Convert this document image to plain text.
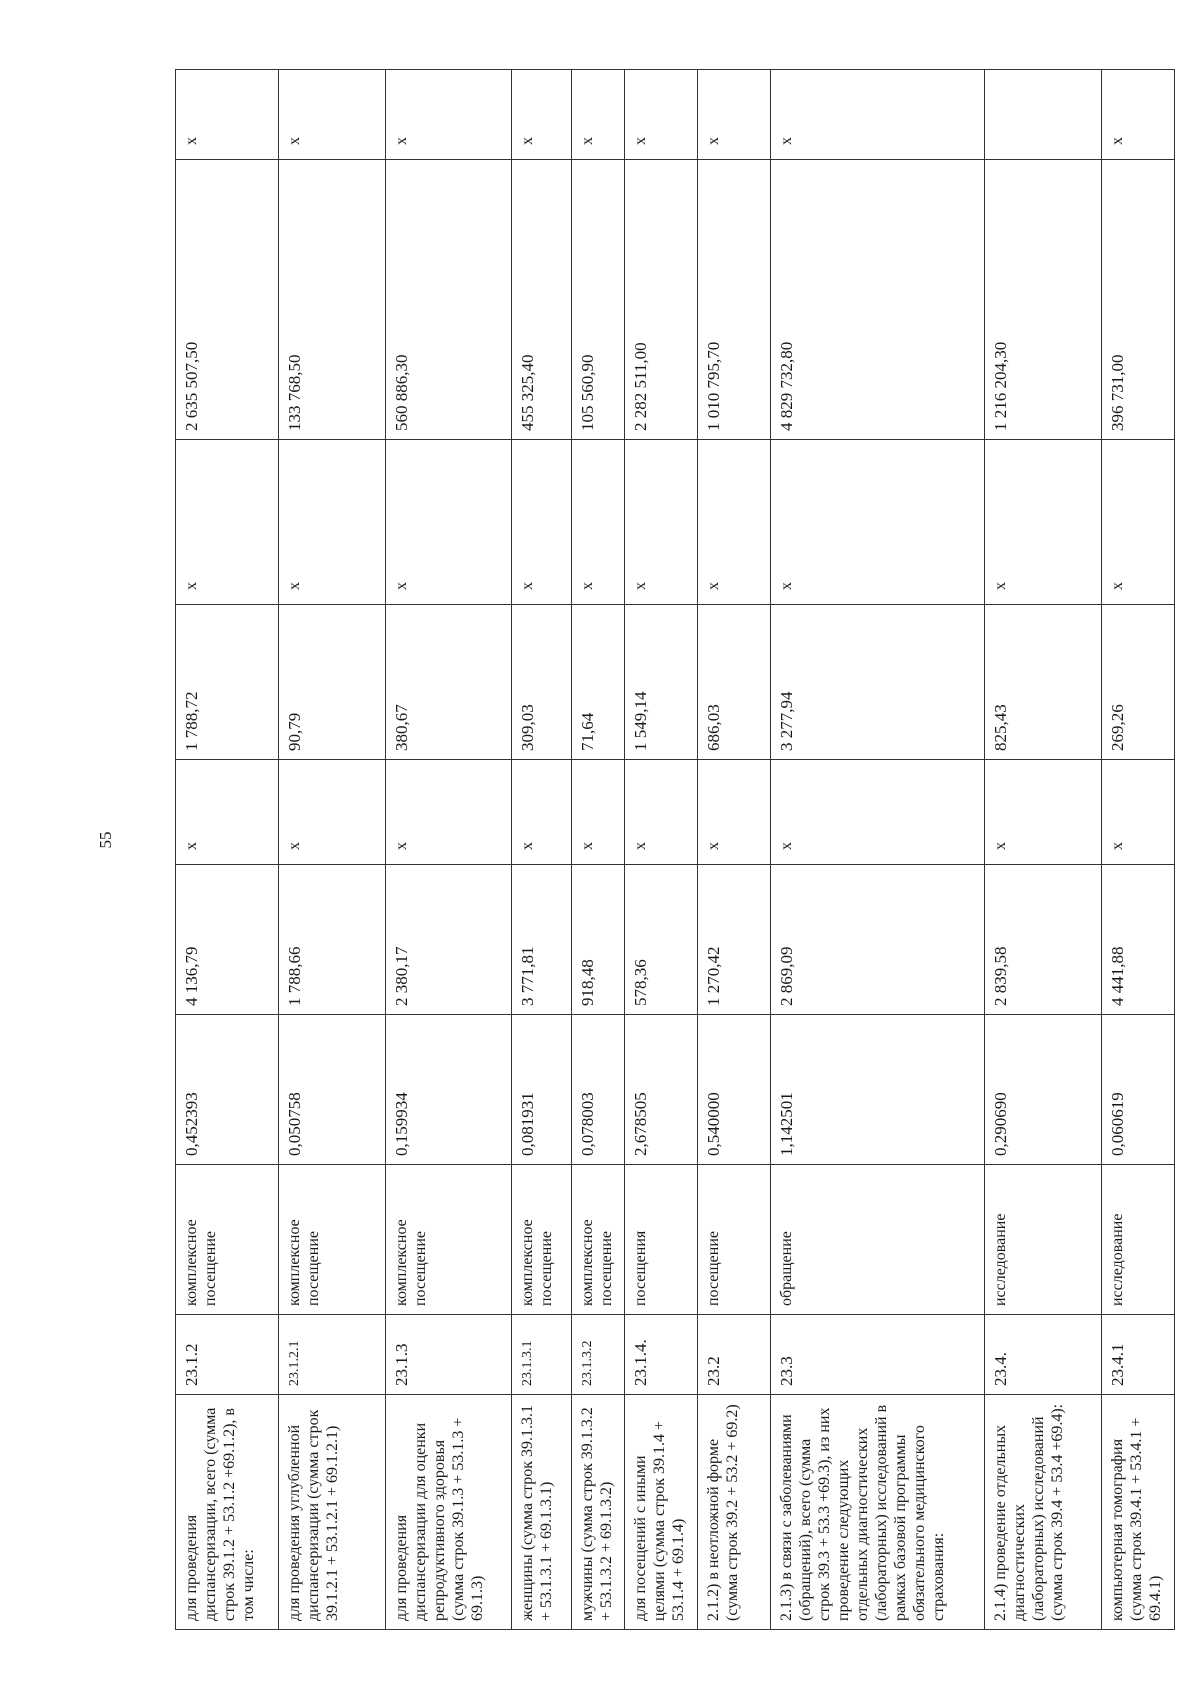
55
для проведения диспансеризации, всего (сумма строк 39.1.2 + 53.1.2 +69.1.2), в том числе:	23.1.2	комплексное посещение	0,452393	4 136,79	x	1 788,72	x	2 635 507,50	x
для проведения углубленной диспансеризации (сумма строк 39.1.2.1 + 53.1.2.1 + 69.1.2.1)	23.1.2.1	комплексное посещение	0,050758	1 788,66	x	90,79	x	133 768,50	x
для проведения диспансеризации для оценки репродуктивного здоровья (сумма строк 39.1.3 + 53.1.3 + 69.1.3)	23.1.3	комплексное посещение	0,159934	2 380,17	x	380,67	x	560 886,30	x
женщины (сумма строк 39.1.3.1 + 53.1.3.1 + 69.1.3.1)	23.1.3.1	комплексное посещение	0,081931	3 771,81	x	309,03	x	455 325,40	x
мужчины (сумма строк 39.1.3.2 + 53.1.3.2 + 69.1.3.2)	23.1.3.2	комплексное посещение	0,078003	918,48	x	71,64	x	105 560,90	x
для посещений с иными целями (сумма строк 39.1.4 + 53.1.4 + 69.1.4)	23.1.4.	посещения	2,678505	578,36	x	1 549,14	x	2 282 511,00	x
2.1.2) в неотложной форме (сумма строк 39.2 + 53.2 + 69.2)	23.2	посещение	0,540000	1 270,42	x	686,03	x	1 010 795,70	x
2.1.3) в связи с заболеваниями (обращений), всего (сумма строк 39.3 + 53.3 +69.3), из них проведение следующих отдельных диагностических (лабораторных) исследований в рамках базовой программы обязательного медицинского страхования:	23.3	обращение	1,142501	2 869,09	x	3 277,94	x	4 829 732,80	x
2.1.4) проведение отдельных диагностических (лабораторных) исследований (сумма строк 39.4 + 53.4 +69.4):	23.4.	исследование	0,290690	2 839,58	x	825,43	x	1 216 204,30	
компьютерная томография (сумма строк 39.4.1 + 53.4.1 + 69.4.1)	23.4.1	исследование	0,060619	4 441,88	x	269,26	x	396 731,00	x
